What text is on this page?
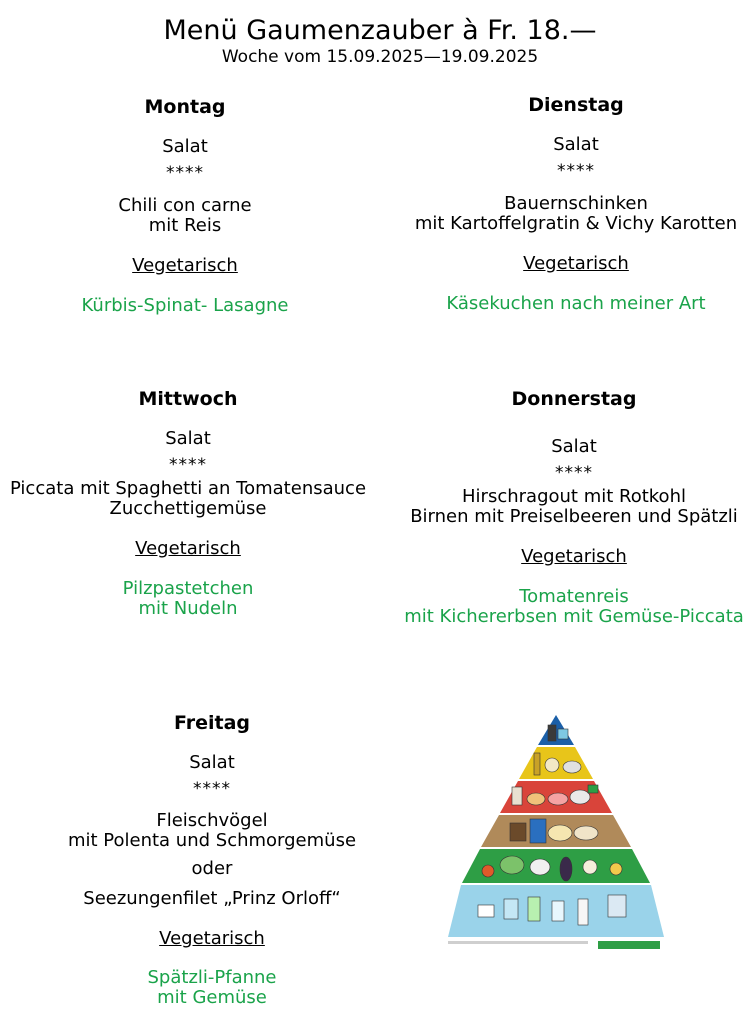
Menü Gaumenzauber à Fr. 18.—
Woche vom 15.09.2025—19.09.2025
Montag
Salat
****
Chili con carne
mit Reis
Vegetarisch
Kürbis-Spinat- Lasagne
Dienstag
Salat
****
Bauernschinken
mit Kartoffelgratin & Vichy Karotten
Vegetarisch
Käsekuchen nach meiner Art
Mittwoch
Salat
****
Piccata mit Spaghetti an Tomatensauce
Zucchettigemüse
Vegetarisch
Pilzpastetchen
mit Nudeln
Donnerstag
Salat
****
Hirschragout mit Rotkohl
Birnen mit Preiselbeeren und Spätzli
Vegetarisch
Tomatenreis
mit Kichererbsen mit Gemüse-Piccata
Freitag
Salat
****
Fleischvögel
mit Polenta und Schmorgemüse
oder
Seezungenfilet „Prinz Orloff“
Vegetarisch
Spätzli-Pfanne
mit Gemüse
